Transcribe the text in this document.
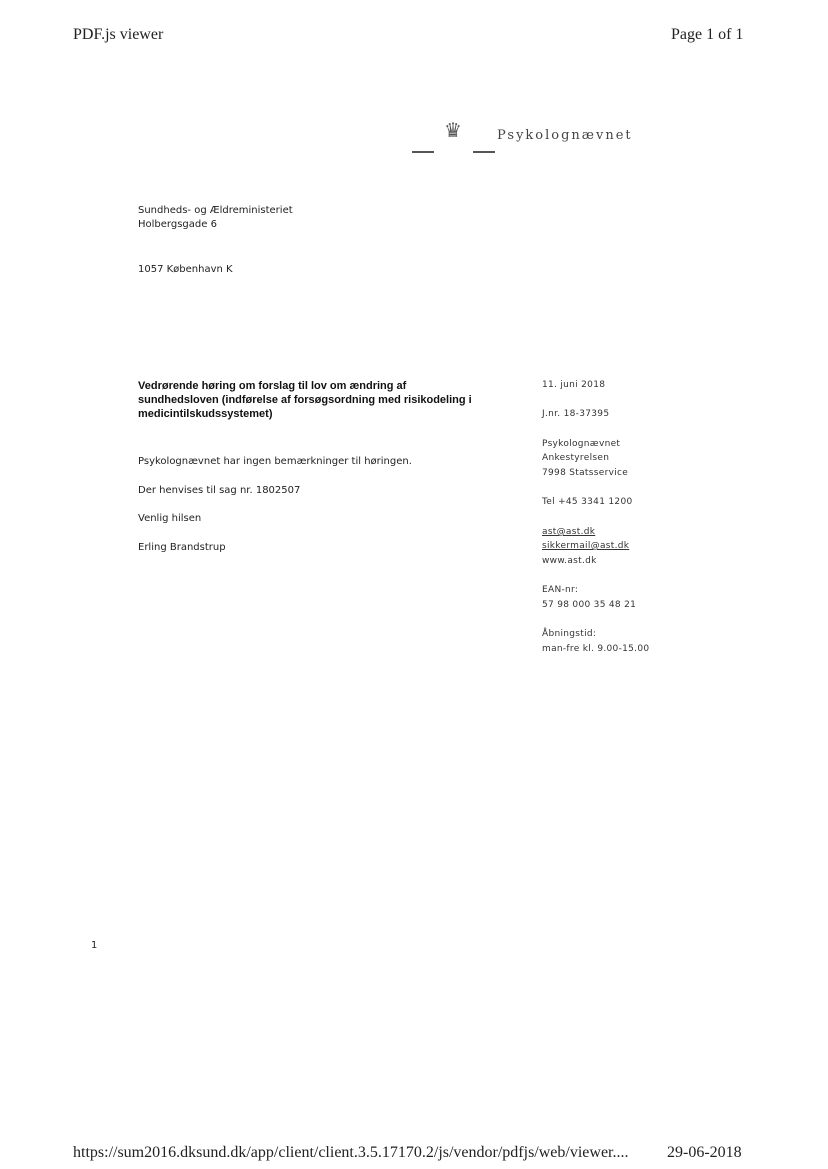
PDF.js viewer	Page 1 of 1
♛	Psykolognævnet
Sundheds- og Ældreministeriet
Holbergsgade 6
1057 København K
Vedrørende høring om forslag til lov om ændring af
sundhedsloven (indførelse af forsøgsordning med risikodeling i
medicintilskudssystemet)
Psykolognævnet har ingen bemærkninger til høringen.
Der henvises til sag nr. 1802507
Venlig hilsen
Erling Brandstrup
11. juni 2018
J.nr. 18-37395
Psykolognævnet
Ankestyrelsen
7998 Statsservice
Tel +45 3341 1200
ast@ast.dk
sikkermail@ast.dk
www.ast.dk
EAN-nr:
57 98 000 35 48 21
Åbningstid:
man-fre kl. 9.00-15.00
1
https://sum2016.dksund.dk/app/client/client.3.5.17170.2/js/vendor/pdfjs/web/viewer.... 29-06-2018
